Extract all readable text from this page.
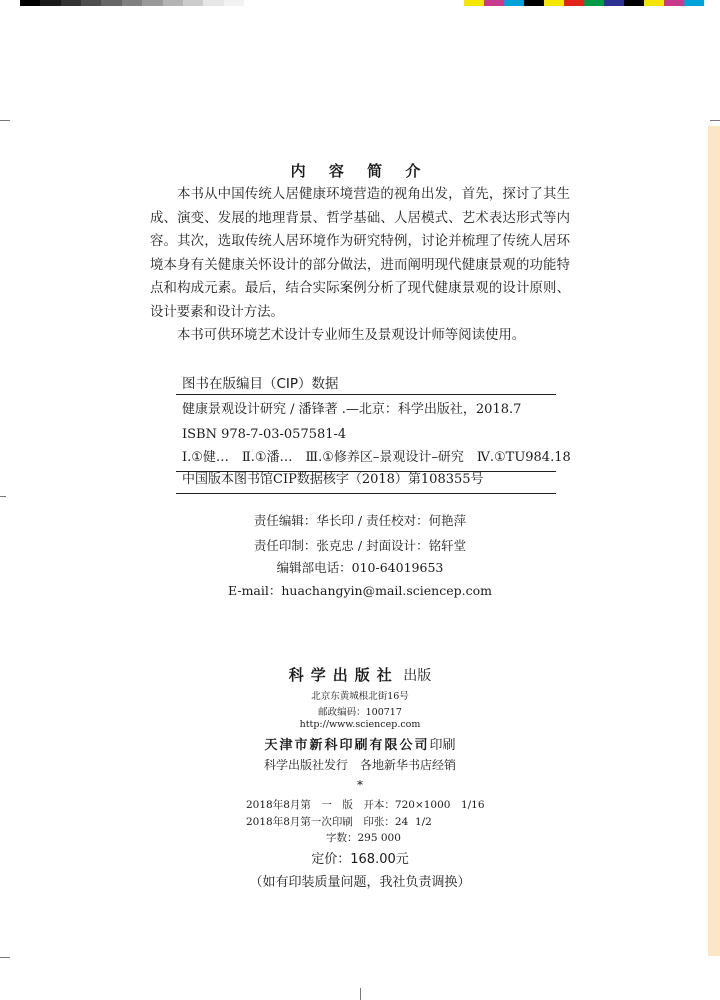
内 容 简 介

本书从中国传统人居健康环境营造的视角出发，首先，探讨了其生成、演变、发展的地理背景、哲学基础、人居模式、艺术表达形式等内容。其次，选取传统人居环境作为研究特例，讨论并梳理了传统人居环境本身有关健康关怀设计的部分做法，进而阐明现代健康景观的功能特点和构成元素。最后，结合实际案例分析了现代健康景观的设计原则、设计要素和设计方法。

本书可供环境艺术设计专业师生及景观设计师等阅读使用。

图书在版编目（CIP）数据
健康景观设计研究 / 潘锋著 .—北京：科学出版社，2018.7
ISBN 978-7-03-057581-4
Ⅰ.①健…　Ⅱ.①潘…　Ⅲ.①修养区–景观设计–研究　Ⅳ.①TU984.18
中国版本图书馆CIP数据核字（2018）第108355号
责任编辑：华长印 / 责任校对：何艳萍
责任印制：张克忠 / 封面设计：铭轩堂
编辑部电话：010-64019653
E-mail：huachangyin@mail.sciencep.com
科学出版社 出版
北京东黄城根北街16号
邮政编码：100717
http://www.sciencep.com
天津市新科印刷有限公司印刷
科学出版社发行　各地新华书店经销
*
2018年8月第　一　版　开本：720×1000　1/16
2018年8月第一次印刷　印张：24  1/2
字数：295 000
定价：168.00元
（如有印装质量问题，我社负责调换）
